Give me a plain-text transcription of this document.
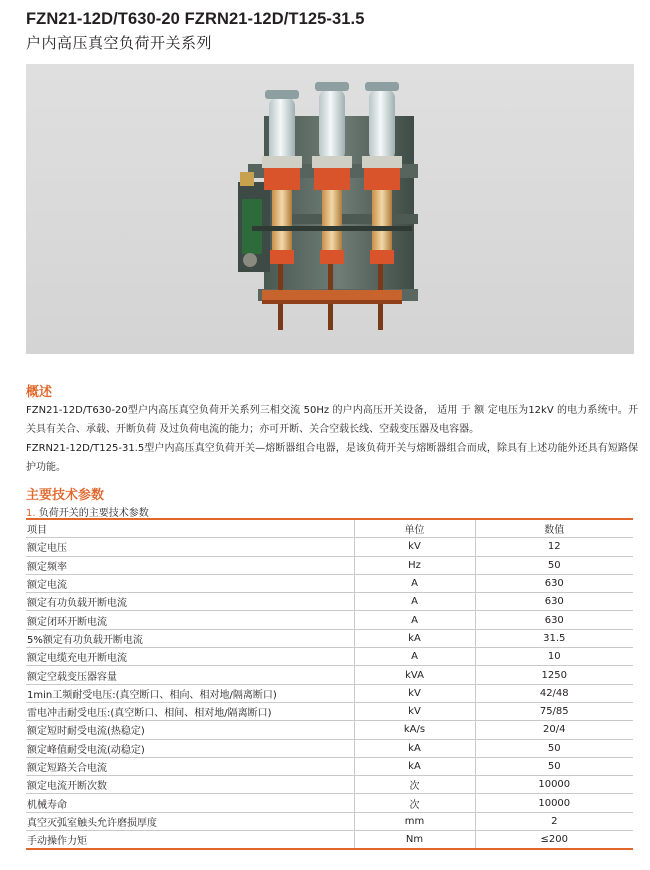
FZN21-12D/T630-20 FZRN21-12D/T125-31.5
户内高压真空负荷开关系列
概述
FZN21-12D/T630-20型户内高压真空负荷开关系列三相交流 50Hz 的户内高压开关设备， 适用 于 额 定电压为12kV 的电力系统中。开关具有关合、承载、开断负荷 及过负荷电流的能力；亦可开断、关合空载长线、空载变压器及电容器。
FZRN21-12D/T125-31.5型户内高压真空负荷开关—熔断器组合电器，是该负荷开关与熔断器组合而成，除具有上述功能外还具有短路保护功能。
主要技术参数
1. 负荷开关的主要技术参数
项目	单位	数值
额定电压	kV	12
额定频率	Hz	50
额定电流	A	630
额定有功负载开断电流	A	630
额定闭环开断电流	A	630
5%额定有功负载开断电流	kA	31.5
额定电缆充电开断电流	A	10
额定空载变压器容量	kVA	1250
1min工频耐受电压:(真空断口、相向、相对地/隔离断口)	kV	42/48
雷电冲击耐受电压:(真空断口、相间、相对地/隔离断口)	kV	75/85
额定短时耐受电流(热稳定)	kA/s	20/4
额定峰值耐受电流(动稳定)	kA	50
额定短路关合电流	kA	50
额定电流开断次数	次	10000
机械寿命	次	10000
真空灭弧室触头允许磨损厚度	mm	2
手动操作力矩	Nm	≤200
